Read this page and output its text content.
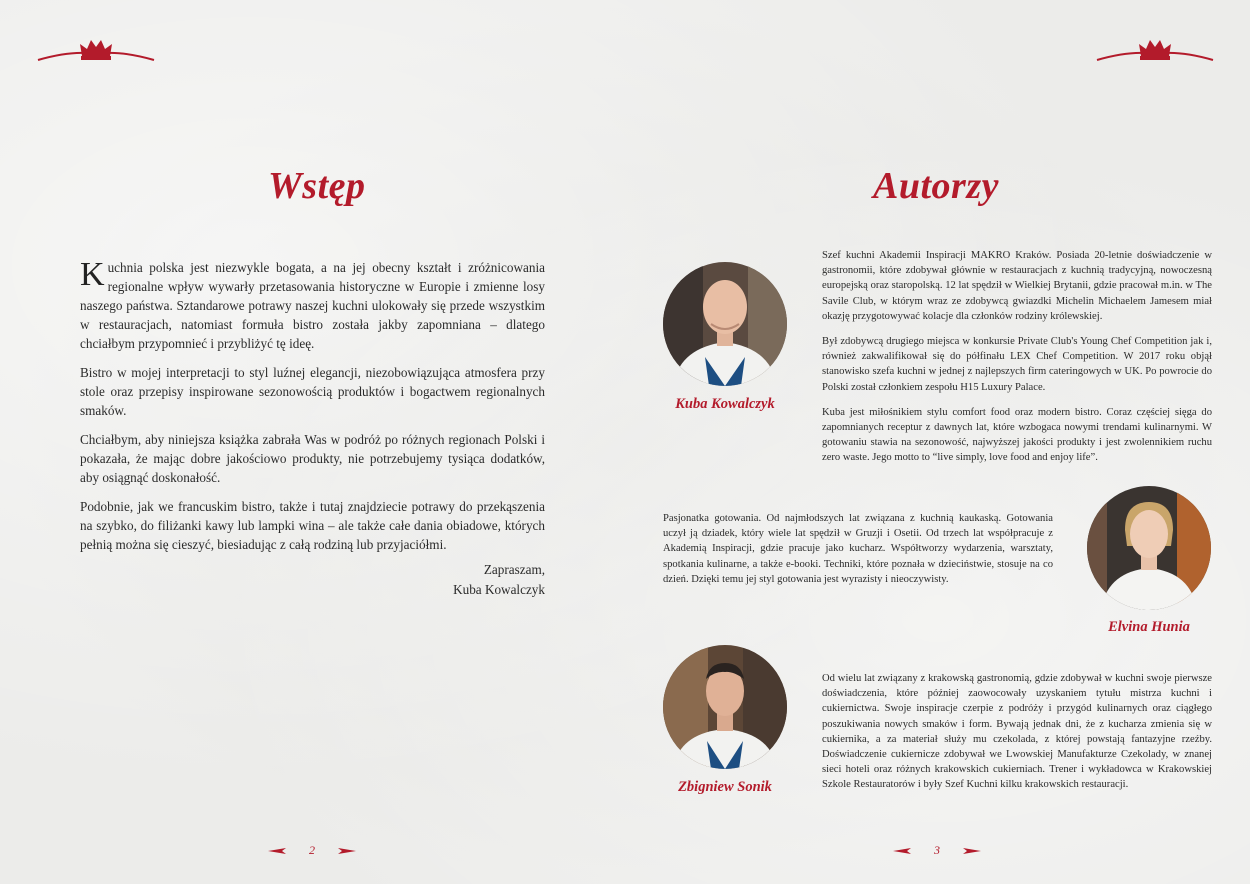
Wstęp

Kuchnia polska jest niezwykle bogata, a na jej obecny kształt i zróżnicowania regionalne wpływ wywarły przetasowania historyczne w Europie i zmienne losy naszego państwa. Sztandarowe potrawy naszej kuchni ulokowały się przede wszystkim w restauracjach, natomiast formuła bistro została jakby zapomniana – dlatego chciałbym przypomnieć i przybliżyć tę ideę.

Bistro w mojej interpretacji to styl luźnej elegancji, niezobowiązująca atmosfera przy stole oraz przepisy inspirowane sezonowością produktów i bogactwem regionalnych smaków.

Chciałbym, aby niniejsza książka zabrała Was w podróż po różnych regionach Polski i pokazała, że mając dobre jakościowo produkty, nie potrzebujemy tysiąca dodatków, aby osiągnąć doskonałość.

Podobnie, jak we francuskim bistro, także i tutaj znajdziecie potrawy do przekąszenia na szybko, do filiżanki kawy lub lampki wina – ale także całe dania obiadowe, których pełnią można się cieszyć, biesiadując z całą rodziną lub przyjaciółmi.

Zapraszam,
Kuba Kowalczyk
2
Autorzy
Kuba Kowalczyk

Szef kuchni Akademii Inspiracji MAKRO Kraków. Posiada 20-letnie doświadczenie w gastronomii, które zdobywał głównie w restauracjach z kuchnią tradycyjną, nowoczesną europejską oraz staropolską. 12 lat spędził w Wielkiej Brytanii, gdzie pracował m.in. w The Savile Club, w którym wraz ze zdobywcą gwiazdki Michelin Michaelem Jamesem miał okazję przygotowywać kolacje dla członków rodziny królewskiej.

Był zdobywcą drugiego miejsca w konkursie Private Club's Young Chef Competition jak i, również zakwalifikował się do półfinału LEX Chef Competition. W 2017 roku objął stanowisko szefa kuchni w jednej z najlepszych firm cateringowych w UK. Po powrocie do Polski został członkiem zespołu H15 Luxury Palace.

Kuba jest miłośnikiem stylu comfort food oraz modern bistro. Coraz częściej sięga do zapomnianych receptur z dawnych lat, które wzbogaca nowymi trendami kulinarnymi. W gotowaniu stawia na sezonowość, najwyższej jakości produkty i jest zwolennikiem ruchu zero waste. Jego motto to “live simply, love food and enjoy life”.

Pasjonatka gotowania. Od najmłodszych lat związana z kuchnią kaukaską. Gotowania uczył ją dziadek, który wiele lat spędził w Gruzji i Osetii. Od trzech lat współpracuje z Akademią Inspiracji, gdzie pracuje jako kucharz. Współtworzy wydarzenia, warsztaty, spotkania kulinarne, a także e-booki. Techniki, które poznała w dzieciństwie, stosuje na co dzień. Dzięki temu jej styl gotowania jest wyrazisty i nieoczywisty.

Elvina Hunia
Zbigniew Sonik

Od wielu lat związany z krakowską gastronomią, gdzie zdobywał w kuchni swoje pierwsze doświadczenia, które później zaowocowały uzyskaniem tytułu mistrza kuchni i cukiernictwa. Swoje inspiracje czerpie z podróży i przygód kulinarnych oraz ciągłego poszukiwania nowych smaków i form. Bywają jednak dni, że z kucharza zmienia się w cukiernika, a za materiał służy mu czekolada, z której powstają fantazyjne rzeźby. Doświadczenie cukiernicze zdobywał we Lwowskiej Manufakturze Czekolady, w znanej sieci hoteli oraz różnych krakowskich cukierniach. Trener i wykładowca w Krakowskiej Szkole Restauratorów i były Szef Kuchni kilku krakowskich restauracji.

3
